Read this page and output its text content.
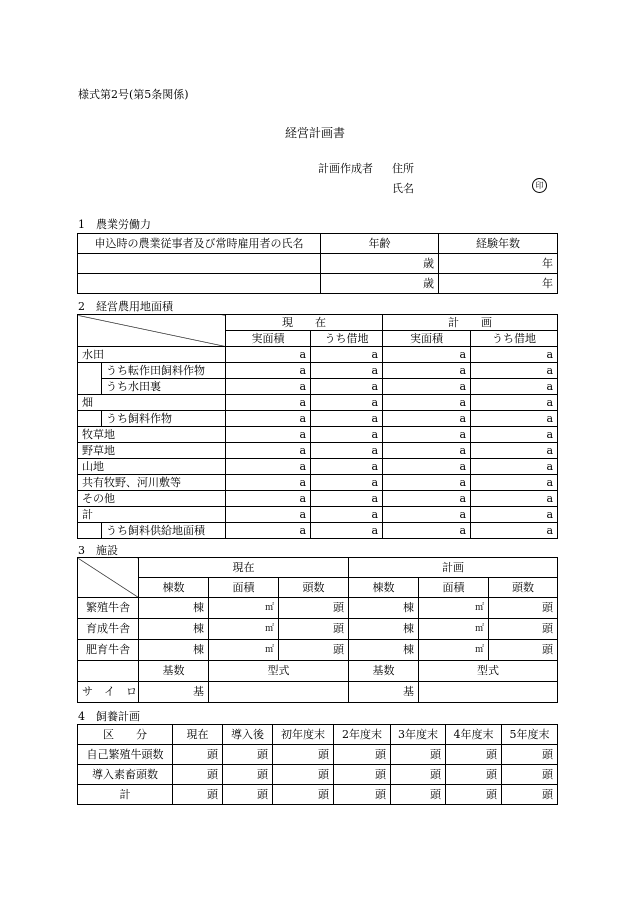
様式第2号(第5条関係)
経営計画書
計画作成者 住所
氏名	印
1　農業労働力
申込時の農業従事者及び常時雇用者の氏名	年齢	経験年数
	歳	年
	歳	年
2　経営農用地面積
		現　　在		計　　画	
		実面積	うち借地	実面積	うち借地
水田		a	a	a	a
	うち転作田飼料作物	a	a	a	a
	うち水田裏	a	a	a	a
畑		a	a	a	a
	うち飼料作物	a	a	a	a
牧草地		a	a	a	a
野草地		a	a	a	a
山地		a	a	a	a
共有牧野、河川敷等		a	a	a	a
その他		a	a	a	a
計		a	a	a	a
	うち飼料供給地面積	a	a	a	a
3　施設
	現在			計画		
	棟数	面積	頭数	棟数	面積	頭数
繁殖牛舎	棟	㎡	頭	棟	㎡	頭
育成牛舎	棟	㎡	頭	棟	㎡	頭
肥育牛舎	棟	㎡	頭	棟	㎡	頭
	基数	型式		基数	型式	
サ　イ　ロ	基			基		
4　飼養計画
区　　分	現在	導入後	初年度末	2年度末	3年度末	4年度末	5年度末
自己繁殖牛頭数	頭	頭	頭	頭	頭	頭	頭
導入素畜頭数	頭	頭	頭	頭	頭	頭	頭
計	頭	頭	頭	頭	頭	頭	頭
